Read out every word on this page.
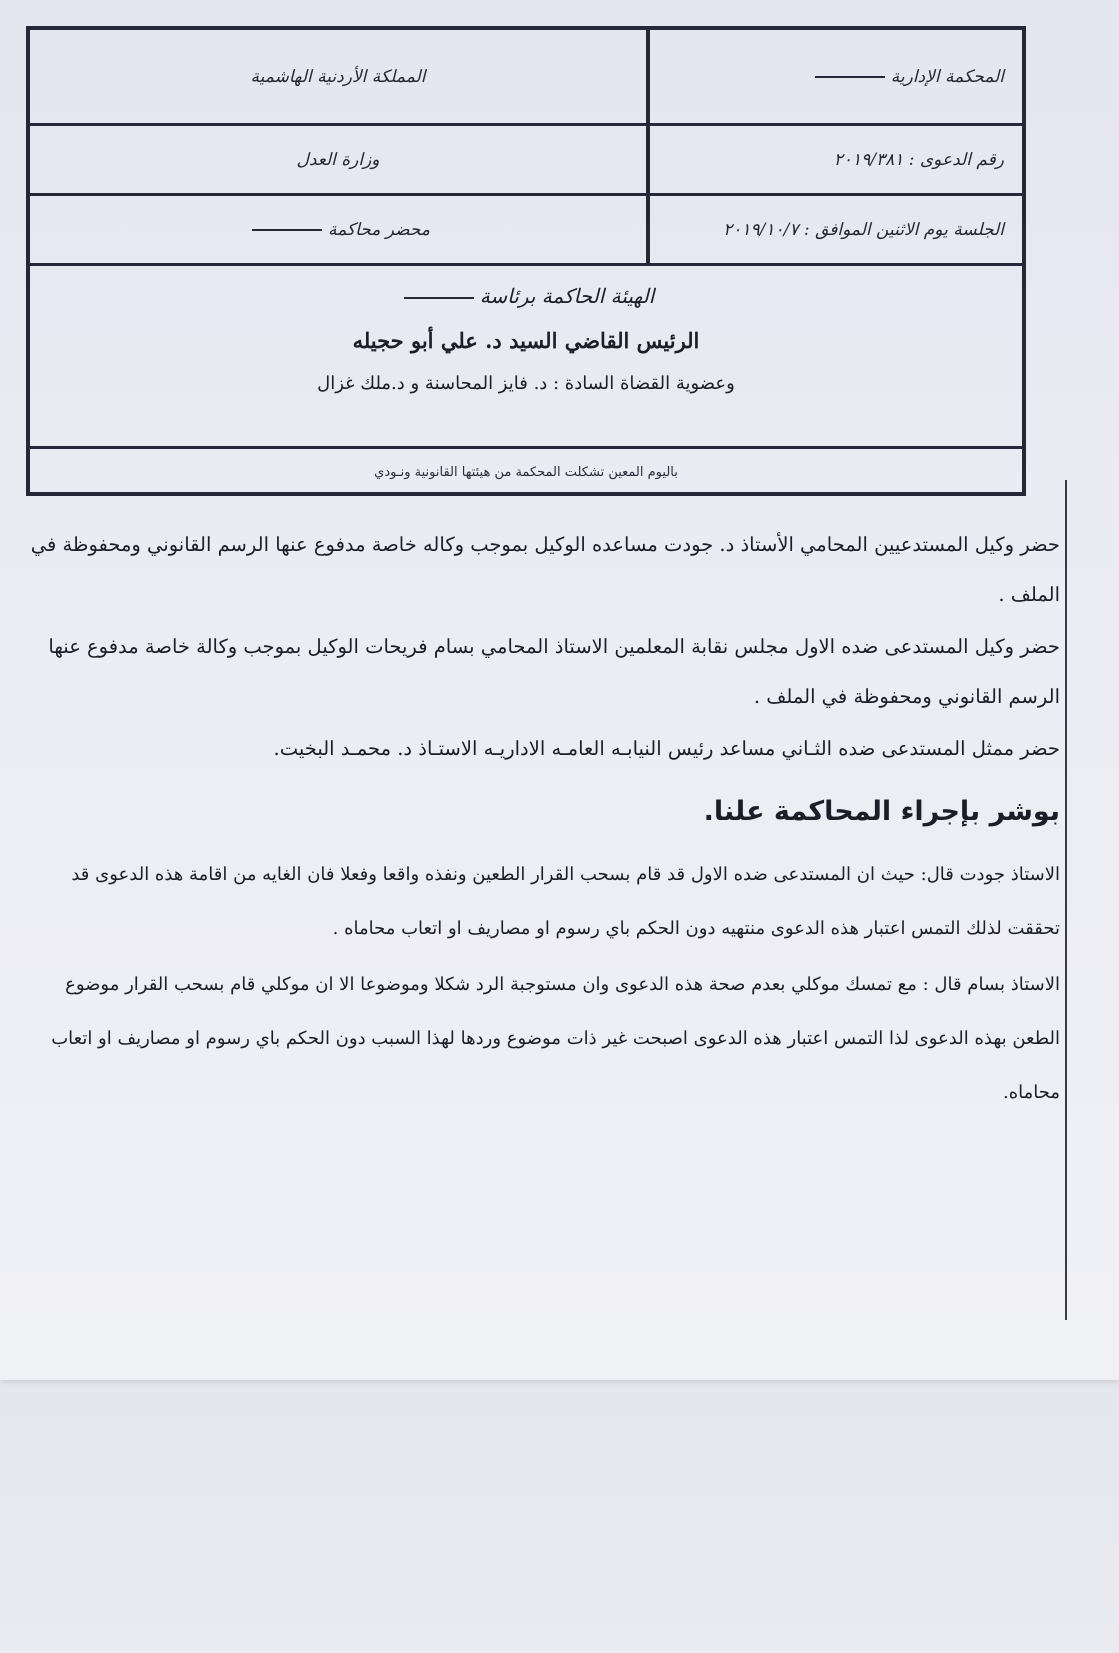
المملكة الأردنية الهاشمية	المحكمة الإدارية
وزارة العدل	رقم الدعوى : ٢٠١٩/٣٨١
محضر محاكمة	الجلسة يوم الاثنين الموافق : ٢٠١٩/١٠/٧
الهيئة الحاكمة برئاسة
الرئيس القاضي السيد د. علي أبو حجيله
وعضوية القضاة السادة : د. فايز المحاسنة و د.ملك غزال
باليوم المعين تشكلت المحكمة من هيئتها القانونية ونـودي

حضر وكيل المستدعيين المحامي الأستاذ د. جودت مساعده الوكيل بموجب وكاله خاصة مدفوع عنها الرسم القانوني ومحفوظة في الملف .

حضر وكيل المستدعى ضده الاول مجلس نقابة المعلمين الاستاذ المحامي بسام فريحات الوكيل بموجب وكالة خاصة مدفوع عنها الرسم القانوني ومحفوظة في الملف .

حضر ممثل المستدعى ضده الثـاني مساعد رئيس النيابـه العامـه الاداريـه الاستـاذ د. محمـد البخيت.

بوشر بإجراء المحاكمة علنا.

الاستاذ جودت قال: حيث ان المستدعى ضده الاول قد قام بسحب القرار الطعين ونفذه واقعا وفعلا فان الغايه من اقامة هذه الدعوى قد تحققت لذلك التمس اعتبار هذه الدعوى منتهيه دون الحكم باي رسوم او مصاريف او اتعاب محاماه .

الاستاذ بسام قال : مع تمسك موكلي بعدم صحة هذه الدعوى وان مستوجبة الرد شكلا وموضوعا الا ان موكلي قام بسحب القرار موضوع الطعن بهذه الدعوى لذا التمس اعتبار هذه الدعوى اصبحت غير ذات موضوع وردها لهذا السبب دون الحكم باي رسوم او مصاريف او اتعاب محاماه.
